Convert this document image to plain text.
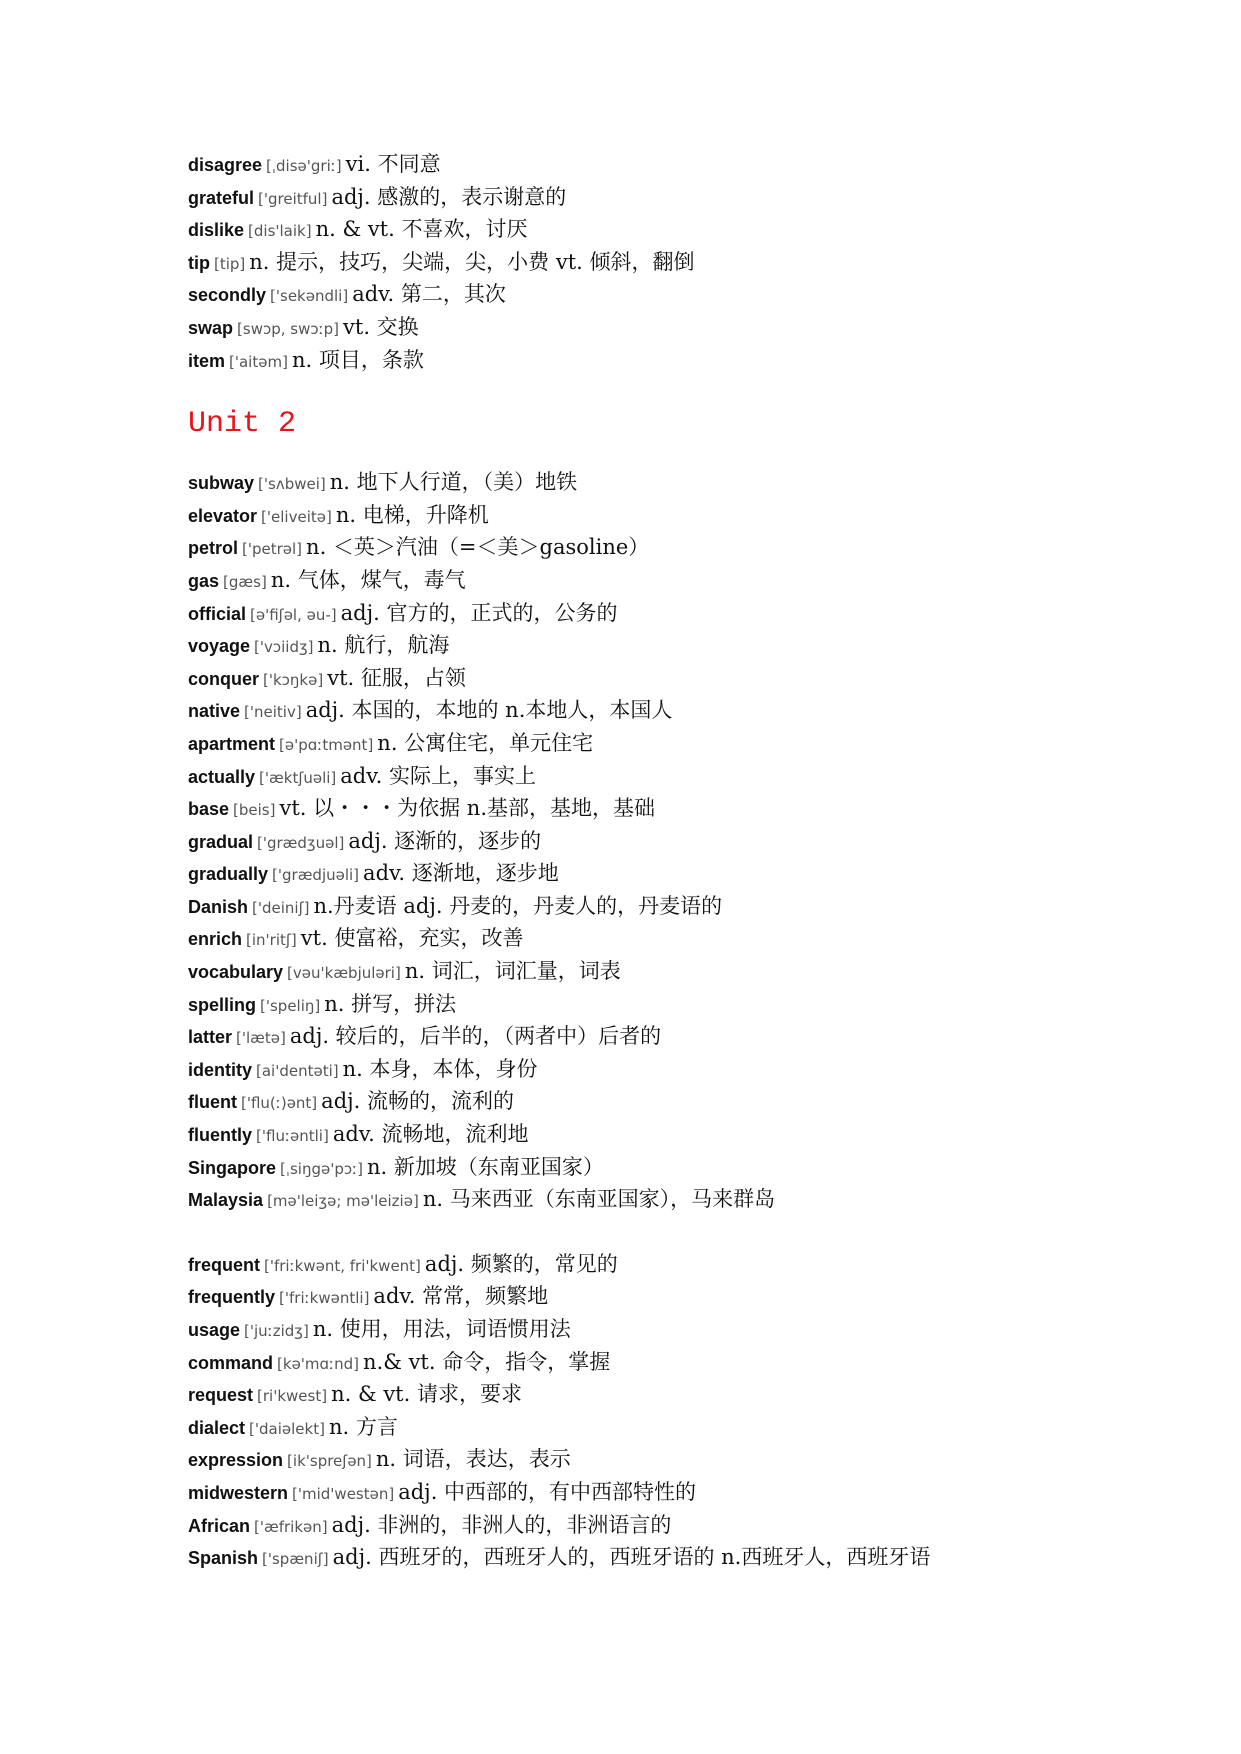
disagree [ˌdisə'griː] vi. 不同意
grateful ['greitful] adj. 感激的，表示谢意的
dislike [dis'laik] n. & vt. 不喜欢，讨厌
tip [tip] n. 提示，技巧，尖端，尖，小费 vt. 倾斜，翻倒
secondly ['sekəndli] adv. 第二，其次
swap [swɔp, swɔːp] vt. 交换
item ['aitəm] n. 项目，条款
Unit 2
subway ['sʌbwei] n. 地下人行道，（美）地铁
elevator ['eliveitə] n. 电梯，升降机
petrol ['petrəl] n. ＜英＞汽油（=＜美＞gasoline）
gas [gæs] n. 气体，煤气，毒气
official [ə'fiʃəl, əu-] adj. 官方的，正式的，公务的
voyage ['vɔiidʒ] n. 航行，航海
conquer ['kɔŋkə] vt. 征服，占领
native ['neitiv] adj. 本国的，本地的 n.本地人，本国人
apartment [ə'pɑːtmənt] n. 公寓住宅，单元住宅
actually ['æktʃuəli] adv. 实际上，事实上
base [beis] vt. 以・・・为依据 n.基部，基地，基础
gradual ['grædʒuəl] adj. 逐渐的，逐步的
gradually ['grædjuəli] adv. 逐渐地，逐步地
Danish ['deiniʃ] n.丹麦语 adj. 丹麦的，丹麦人的，丹麦语的
enrich [in'ritʃ] vt. 使富裕，充实，改善
vocabulary [vəu'kæbjuləri] n. 词汇，词汇量，词表
spelling ['speliŋ] n. 拼写，拼法
latter ['lætə] adj. 较后的，后半的，（两者中）后者的
identity [ai'dentəti] n. 本身，本体，身份
fluent ['flu(ː)ənt] adj. 流畅的，流利的
fluently ['fluːəntli] adv. 流畅地，流利地
Singapore [ˌsiŋgə'pɔː] n. 新加坡（东南亚国家）
Malaysia [mə'leiʒə; mə'leiziə] n. 马来西亚（东南亚国家），马来群岛
frequent ['friːkwənt, fri'kwent] adj. 频繁的，常见的
frequently ['friːkwəntli] adv. 常常，频繁地
usage ['juːzidʒ] n. 使用，用法，词语惯用法
command [kə'mɑːnd] n.& vt. 命令，指令，掌握
request [ri'kwest] n. & vt. 请求，要求
dialect ['daiəlekt] n. 方言
expression [ik'spreʃən] n. 词语，表达，表示
midwestern ['mid'westən] adj. 中西部的，有中西部特性的
African ['æfrikən] adj. 非洲的，非洲人的，非洲语言的
Spanish ['spæniʃ] adj. 西班牙的，西班牙人的，西班牙语的 n.西班牙人，西班牙语
